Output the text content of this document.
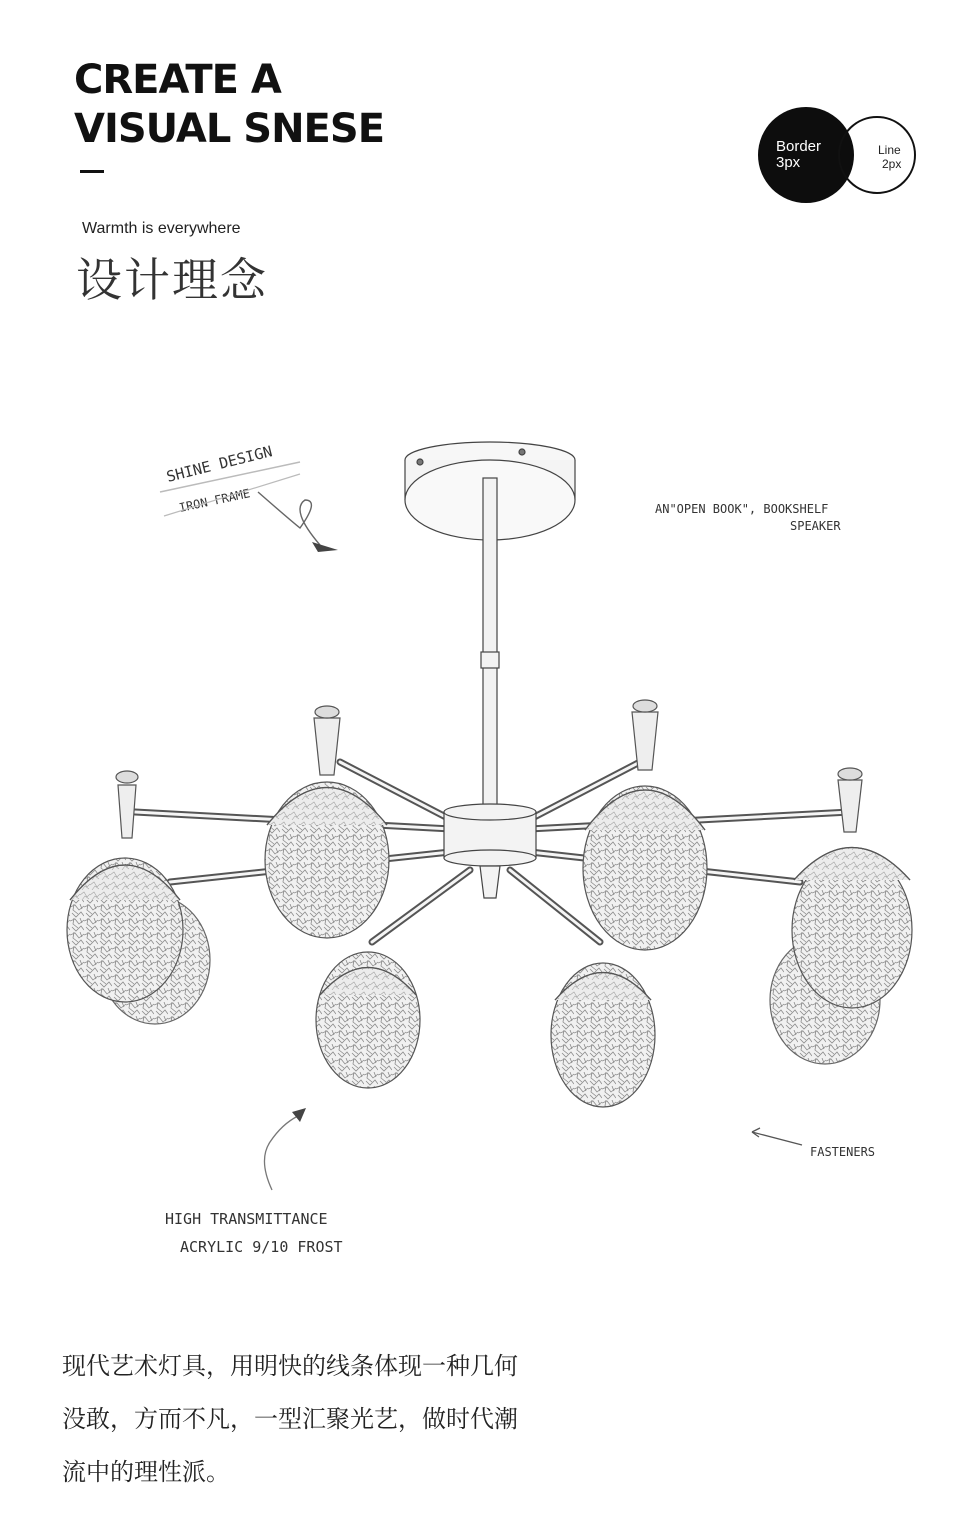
CREATE A
VISUAL SNESE
Warmth is everywhere
设计理念
Border
3px
Line
2px
SHINE DESIGN
IRON FRAME	AN"OPEN BOOK", BOOKSHELF
SPEAKER
FASTENERS
HIGH TRANSMITTANCE
ACRYLIC 9/10 FROST

现代艺术灯具，用明快的线条体现一种几何
没敢，方而不凡，一型汇聚光艺，做时代潮
流中的理性派。
